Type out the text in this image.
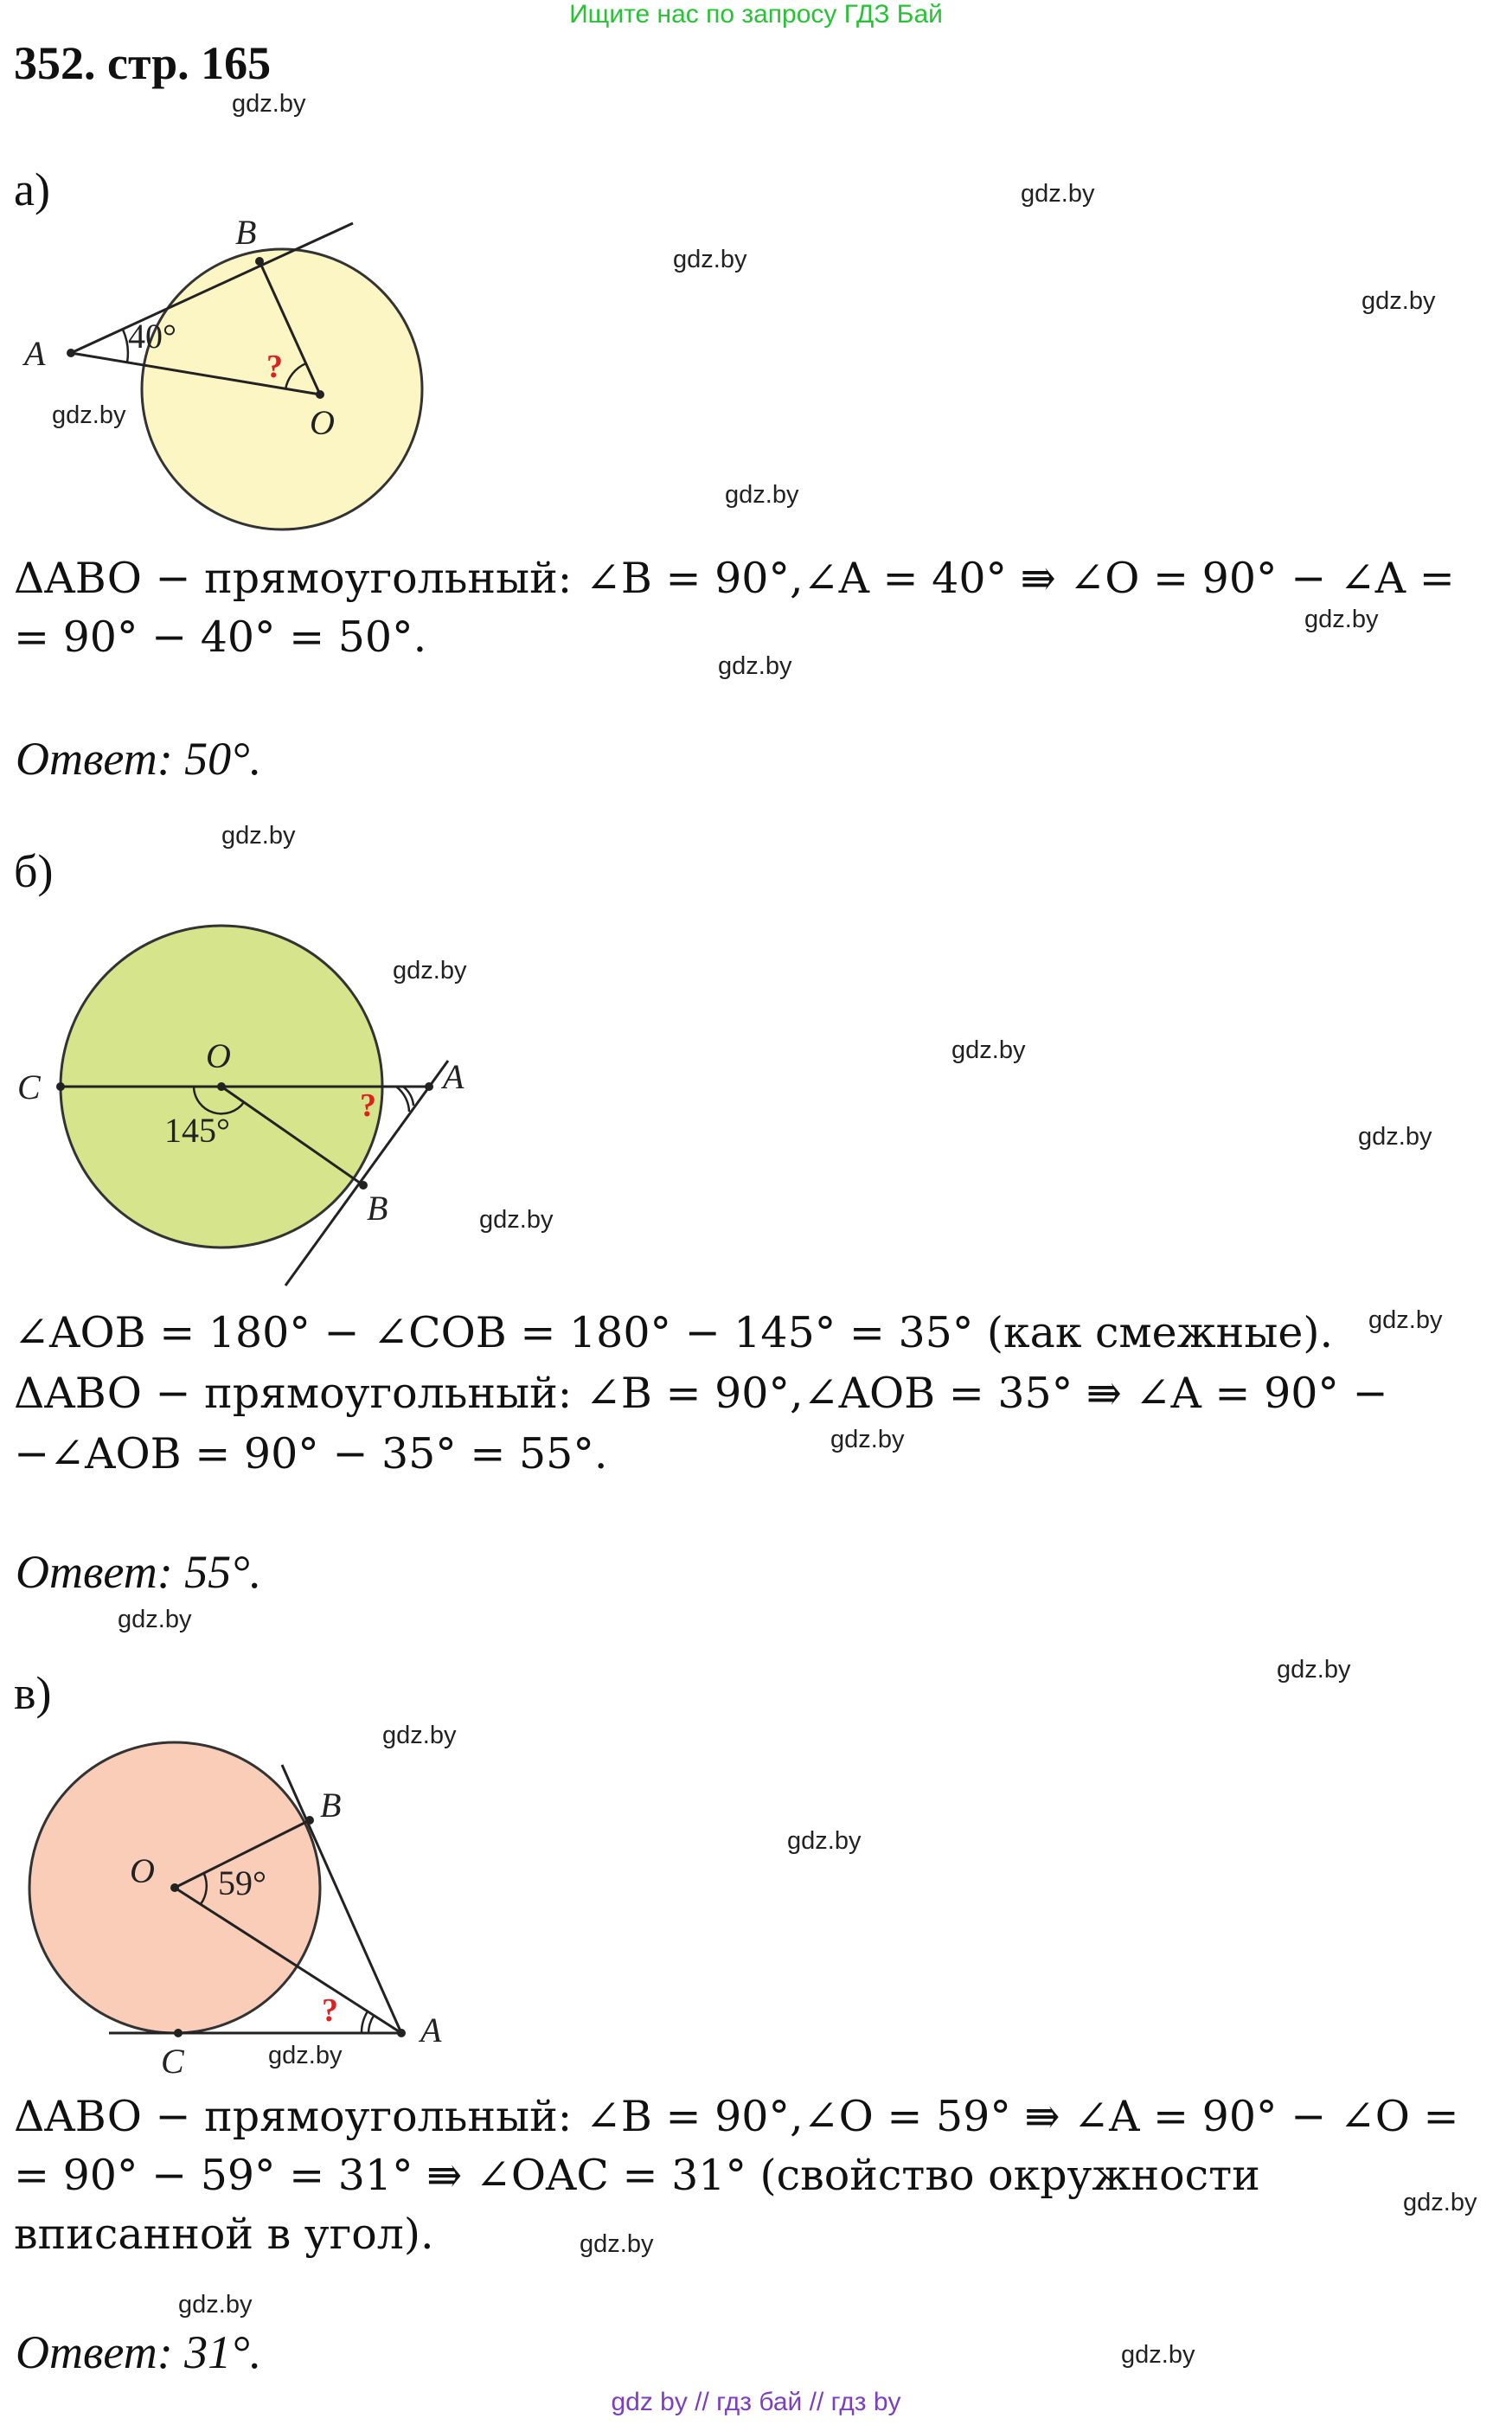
Ищите нас по запросу ГДЗ Бай
352. стр. 165
gdz.by
gdz.by
gdz.by
gdz.by
gdz.by
gdz.by
gdz.by
gdz.by
gdz.by
gdz.by
gdz.by
gdz.by
gdz.by
gdz.by
gdz.by
gdz.by
gdz.by
gdz.by
gdz.by
gdz.by
gdz.by
gdz.by
gdz.by
gdz.by
а)
A
B
O
40°
?
ΔABO − прямоугольный: ∠B = 90°,∠A = 40° ⇛ ∠O = 90° − ∠A =
= 90° − 40° = 50°.
Ответ: 50°.
б)
C
O
A
B
145°
?
∠AOB = 180° − ∠COB = 180° − 145° = 35° (как смежные).
ΔABO − прямоугольный: ∠B = 90°,∠AOB = 35° ⇛ ∠A = 90° −
−∠AOB = 90° − 35° = 55°.
Ответ: 55°.
в)
O
B
A
C
59°
?
ΔABO − прямоугольный: ∠B = 90°,∠O = 59° ⇛ ∠A = 90° − ∠O =
= 90° − 59° = 31° ⇛ ∠OAC = 31° (свойство окружности
вписанной в угол).
Ответ: 31°.
gdz by // гдз бай // гдз by
